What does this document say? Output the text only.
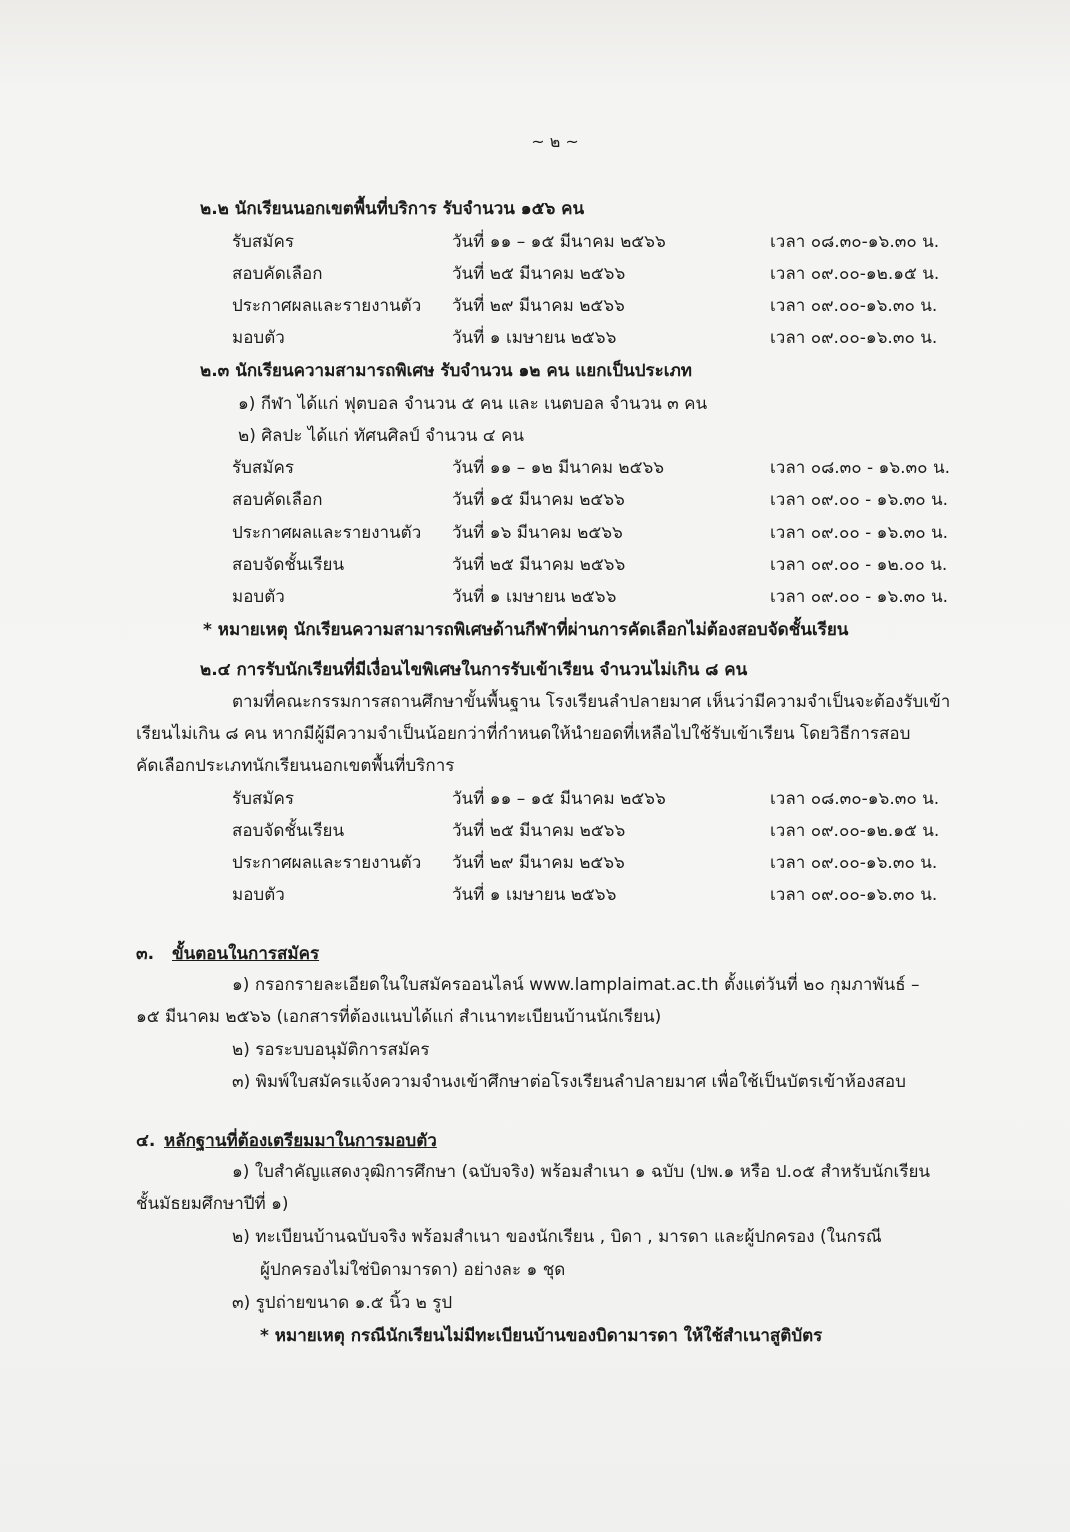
~ ๒ ~
๒.๒ นักเรียนนอกเขตพื้นที่บริการ รับจำนวน ๑๕๖ คน
รับสมัคร	วันที่ ๑๑ – ๑๕ มีนาคม ๒๕๖๖	เวลา ๐๘.๓๐-๑๖.๓๐ น.
สอบคัดเลือก	วันที่ ๒๕ มีนาคม ๒๕๖๖	เวลา ๐๙.๐๐-๑๒.๑๕ น.
ประกาศผลและรายงานตัว วันที่ ๒๙ มีนาคม ๒๕๖๖	เวลา ๐๙.๐๐-๑๖.๓๐ น.
มอบตัว	วันที่ ๑ เมษายน ๒๕๖๖	เวลา ๐๙.๐๐-๑๖.๓๐ น.
๒.๓ นักเรียนความสามารถพิเศษ รับจำนวน ๑๒ คน แยกเป็นประเภท
๑) กีฬา ได้แก่ ฟุตบอล จำนวน ๕ คน และ เนตบอล จำนวน ๓ คน
๒) ศิลปะ ได้แก่ ทัศนศิลป์ จำนวน ๔ คน
รับสมัคร	วันที่ ๑๑ – ๑๒ มีนาคม ๒๕๖๖	เวลา ๐๘.๓๐ - ๑๖.๓๐ น.
สอบคัดเลือก	วันที่ ๑๕ มีนาคม ๒๕๖๖	เวลา ๐๙.๐๐ - ๑๖.๓๐ น.
ประกาศผลและรายงานตัว วันที่ ๑๖ มีนาคม ๒๕๖๖	เวลา ๐๙.๐๐ - ๑๖.๓๐ น.
สอบจัดชั้นเรียน	วันที่ ๒๕ มีนาคม ๒๕๖๖	เวลา ๐๙.๐๐ - ๑๒.๐๐ น.
มอบตัว	วันที่ ๑ เมษายน ๒๕๖๖	เวลา ๐๙.๐๐ - ๑๖.๓๐ น.
* หมายเหตุ นักเรียนความสามารถพิเศษด้านกีฬาที่ผ่านการคัดเลือกไม่ต้องสอบจัดชั้นเรียน
๒.๔ การรับนักเรียนที่มีเงื่อนไขพิเศษในการรับเข้าเรียน จำนวนไม่เกิน ๘ คน
ตามที่คณะกรรมการสถานศึกษาขั้นพื้นฐาน โรงเรียนลำปลายมาศ เห็นว่ามีความจำเป็นจะต้องรับเข้า
เรียนไม่เกิน ๘ คน หากมีผู้มีความจำเป็นน้อยกว่าที่กำหนดให้นำยอดที่เหลือไปใช้รับเข้าเรียน โดยวิธีการสอบ
คัดเลือกประเภทนักเรียนนอกเขตพื้นที่บริการ
รับสมัคร	วันที่ ๑๑ – ๑๕ มีนาคม ๒๕๖๖	เวลา ๐๘.๓๐-๑๖.๓๐ น.
สอบจัดชั้นเรียน	วันที่ ๒๕ มีนาคม ๒๕๖๖	เวลา ๐๙.๐๐-๑๒.๑๕ น.
ประกาศผลและรายงานตัว วันที่ ๒๙ มีนาคม ๒๕๖๖	เวลา ๐๙.๐๐-๑๖.๓๐ น.
มอบตัว	วันที่ ๑ เมษายน ๒๕๖๖	เวลา ๐๙.๐๐-๑๖.๓๐ น.
๓. ขั้นตอนในการสมัคร
๑) กรอกรายละเอียดในใบสมัครออนไลน์ www.lamplaimat.ac.th ตั้งแต่วันที่ ๒๐ กุมภาพันธ์ –
๑๕ มีนาคม ๒๕๖๖ (เอกสารที่ต้องแนบได้แก่ สำเนาทะเบียนบ้านนักเรียน)
๒) รอระบบอนุมัติการสมัคร
๓) พิมพ์ใบสมัครแจ้งความจำนงเข้าศึกษาต่อโรงเรียนลำปลายมาศ เพื่อใช้เป็นบัตรเข้าห้องสอบ
๔. หลักฐานที่ต้องเตรียมมาในการมอบตัว
๑) ใบสำคัญแสดงวุฒิการศึกษา (ฉบับจริง) พร้อมสำเนา ๑ ฉบับ (ปพ.๑ หรือ ป.๐๕ สำหรับนักเรียน
ชั้นมัธยมศึกษาปีที่ ๑)
๒) ทะเบียนบ้านฉบับจริง พร้อมสำเนา ของนักเรียน , บิดา , มารดา และผู้ปกครอง (ในกรณี
ผู้ปกครองไม่ใช่บิดามารดา) อย่างละ ๑ ชุด
๓) รูปถ่ายขนาด ๑.๕ นิ้ว ๒ รูป
* หมายเหตุ กรณีนักเรียนไม่มีทะเบียนบ้านของบิดามารดา ให้ใช้สำเนาสูติบัตร
